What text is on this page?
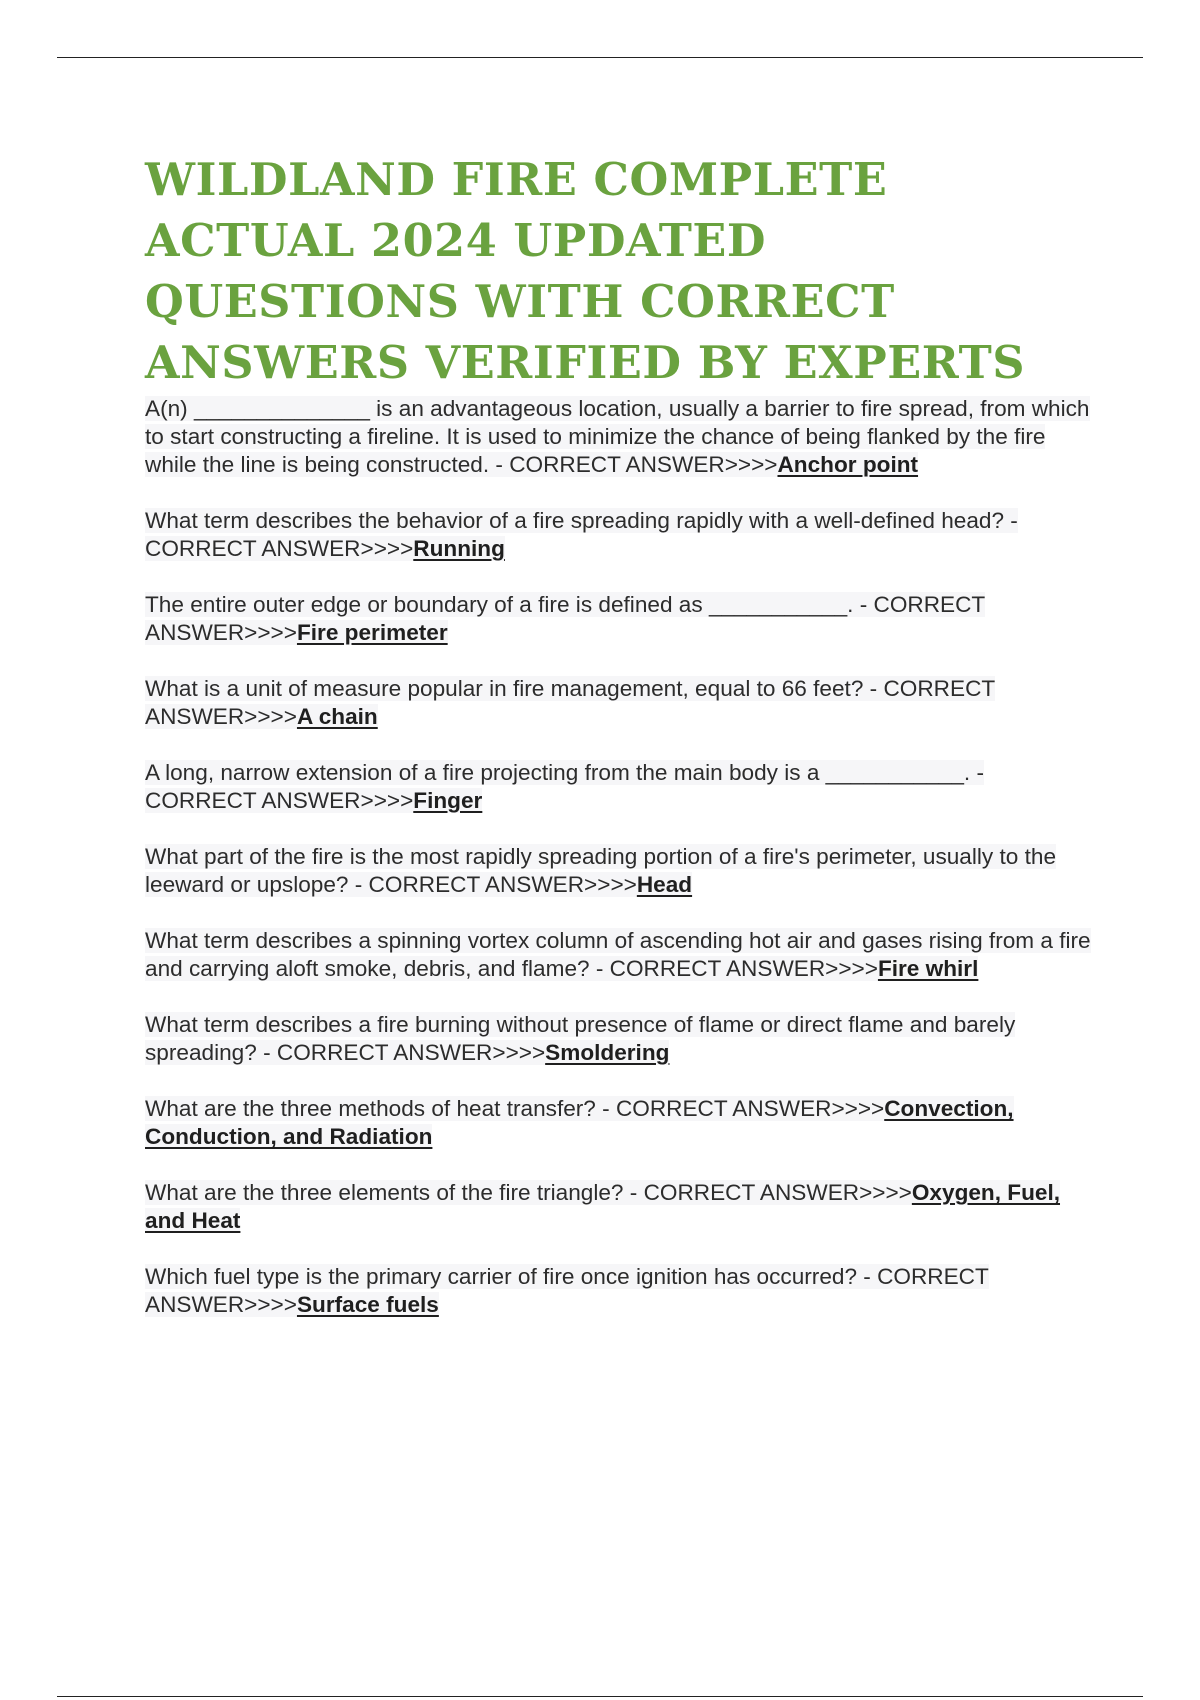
WILDLAND FIRE COMPLETE ACTUAL 2024 UPDATED QUESTIONS WITH CORRECT ANSWERS VERIFIED BY EXPERTS
A(n) ______________ is an advantageous location, usually a barrier to fire spread, from which to start constructing a fireline. It is used to minimize the chance of being flanked by the fire while the line is being constructed. - CORRECT ANSWER>>>>Anchor point
What term describes the behavior of a fire spreading rapidly with a well-defined head? - CORRECT ANSWER>>>>Running
The entire outer edge or boundary of a fire is defined as ___________. - CORRECT ANSWER>>>>Fire perimeter
What is a unit of measure popular in fire management, equal to 66 feet? - CORRECT ANSWER>>>>A chain
A long, narrow extension of a fire projecting from the main body is a ___________. - CORRECT ANSWER>>>>Finger
What part of the fire is the most rapidly spreading portion of a fire's perimeter, usually to the leeward or upslope? - CORRECT ANSWER>>>>Head
What term describes a spinning vortex column of ascending hot air and gases rising from a fire and carrying aloft smoke, debris, and flame? - CORRECT ANSWER>>>>Fire whirl
What term describes a fire burning without presence of flame or direct flame and barely spreading? - CORRECT ANSWER>>>>Smoldering
What are the three methods of heat transfer? - CORRECT ANSWER>>>>Convection, Conduction, and Radiation
What are the three elements of the fire triangle? - CORRECT ANSWER>>>>Oxygen, Fuel, and Heat
Which fuel type is the primary carrier of fire once ignition has occurred? - CORRECT ANSWER>>>>Surface fuels
